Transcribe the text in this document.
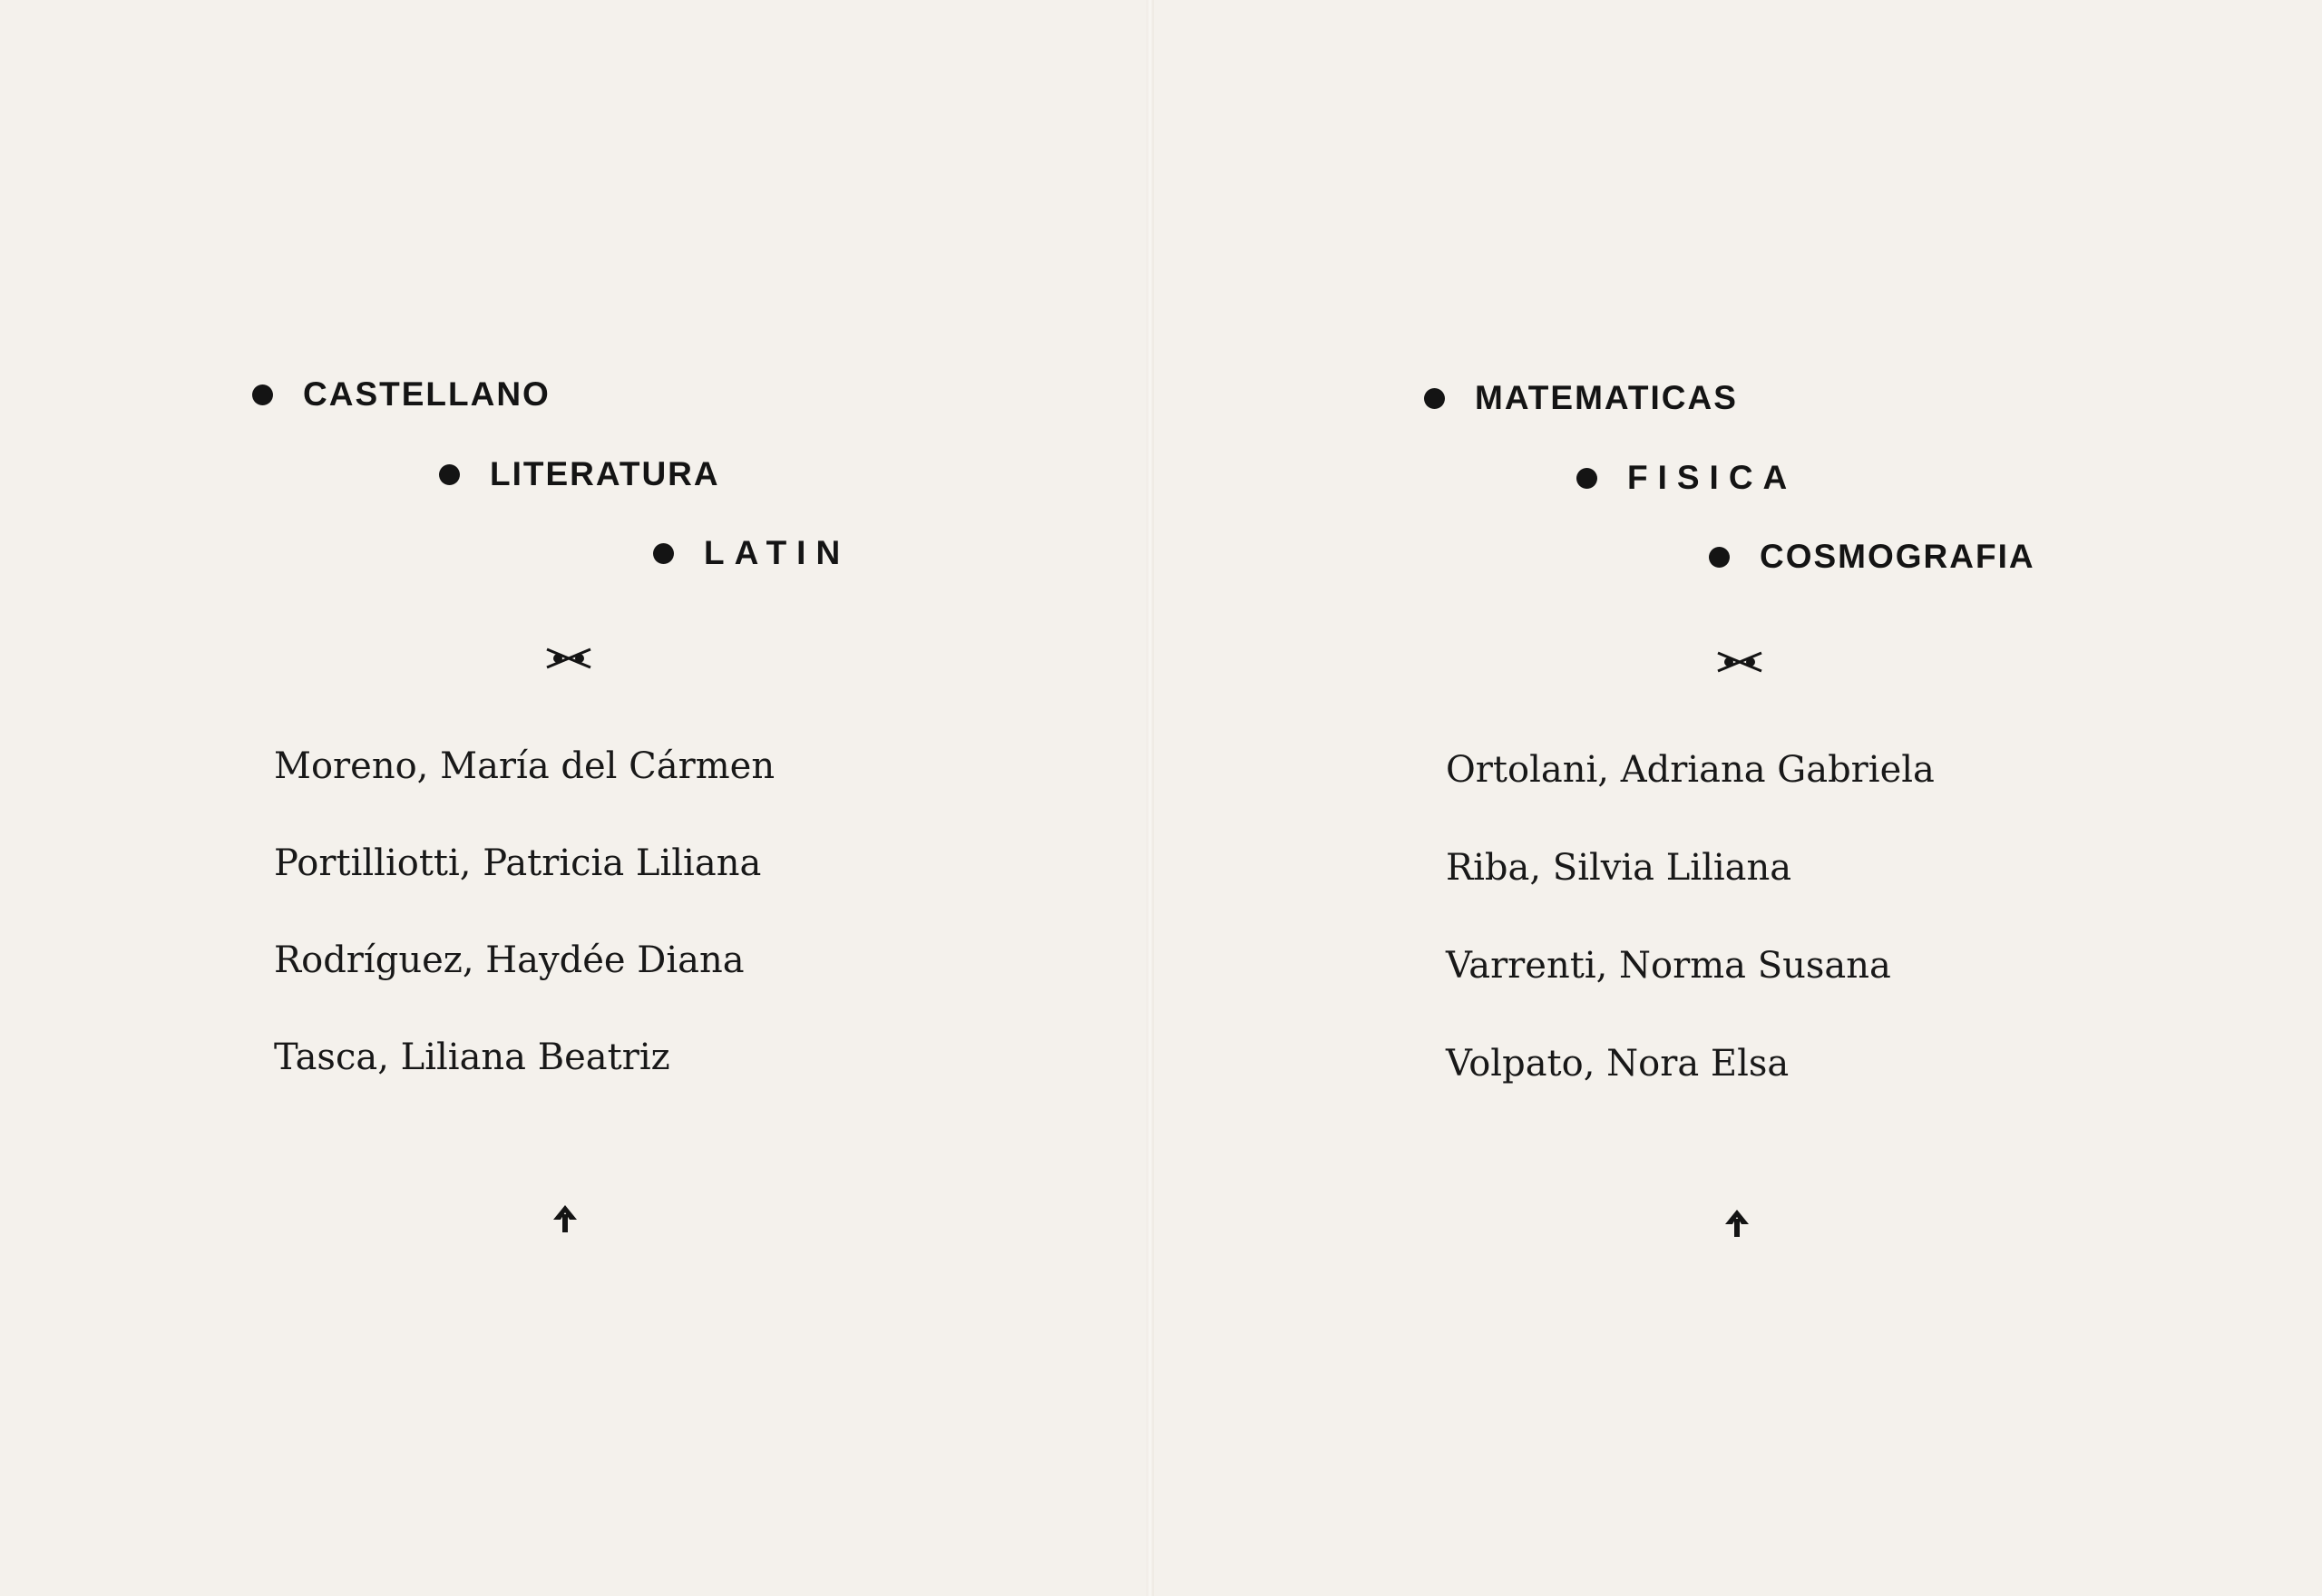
CASTELLANO
LITERATURA
LATIN
Moreno, María del Cármen
Portilliotti, Patricia Liliana
Rodríguez, Haydée Diana
Tasca, Liliana Beatriz
MATEMATICAS
FISICA
COSMOGRAFIA
Ortolani, Adriana Gabriela
Riba, Silvia Liliana
Varrenti, Norma Susana
Volpato, Nora Elsa
